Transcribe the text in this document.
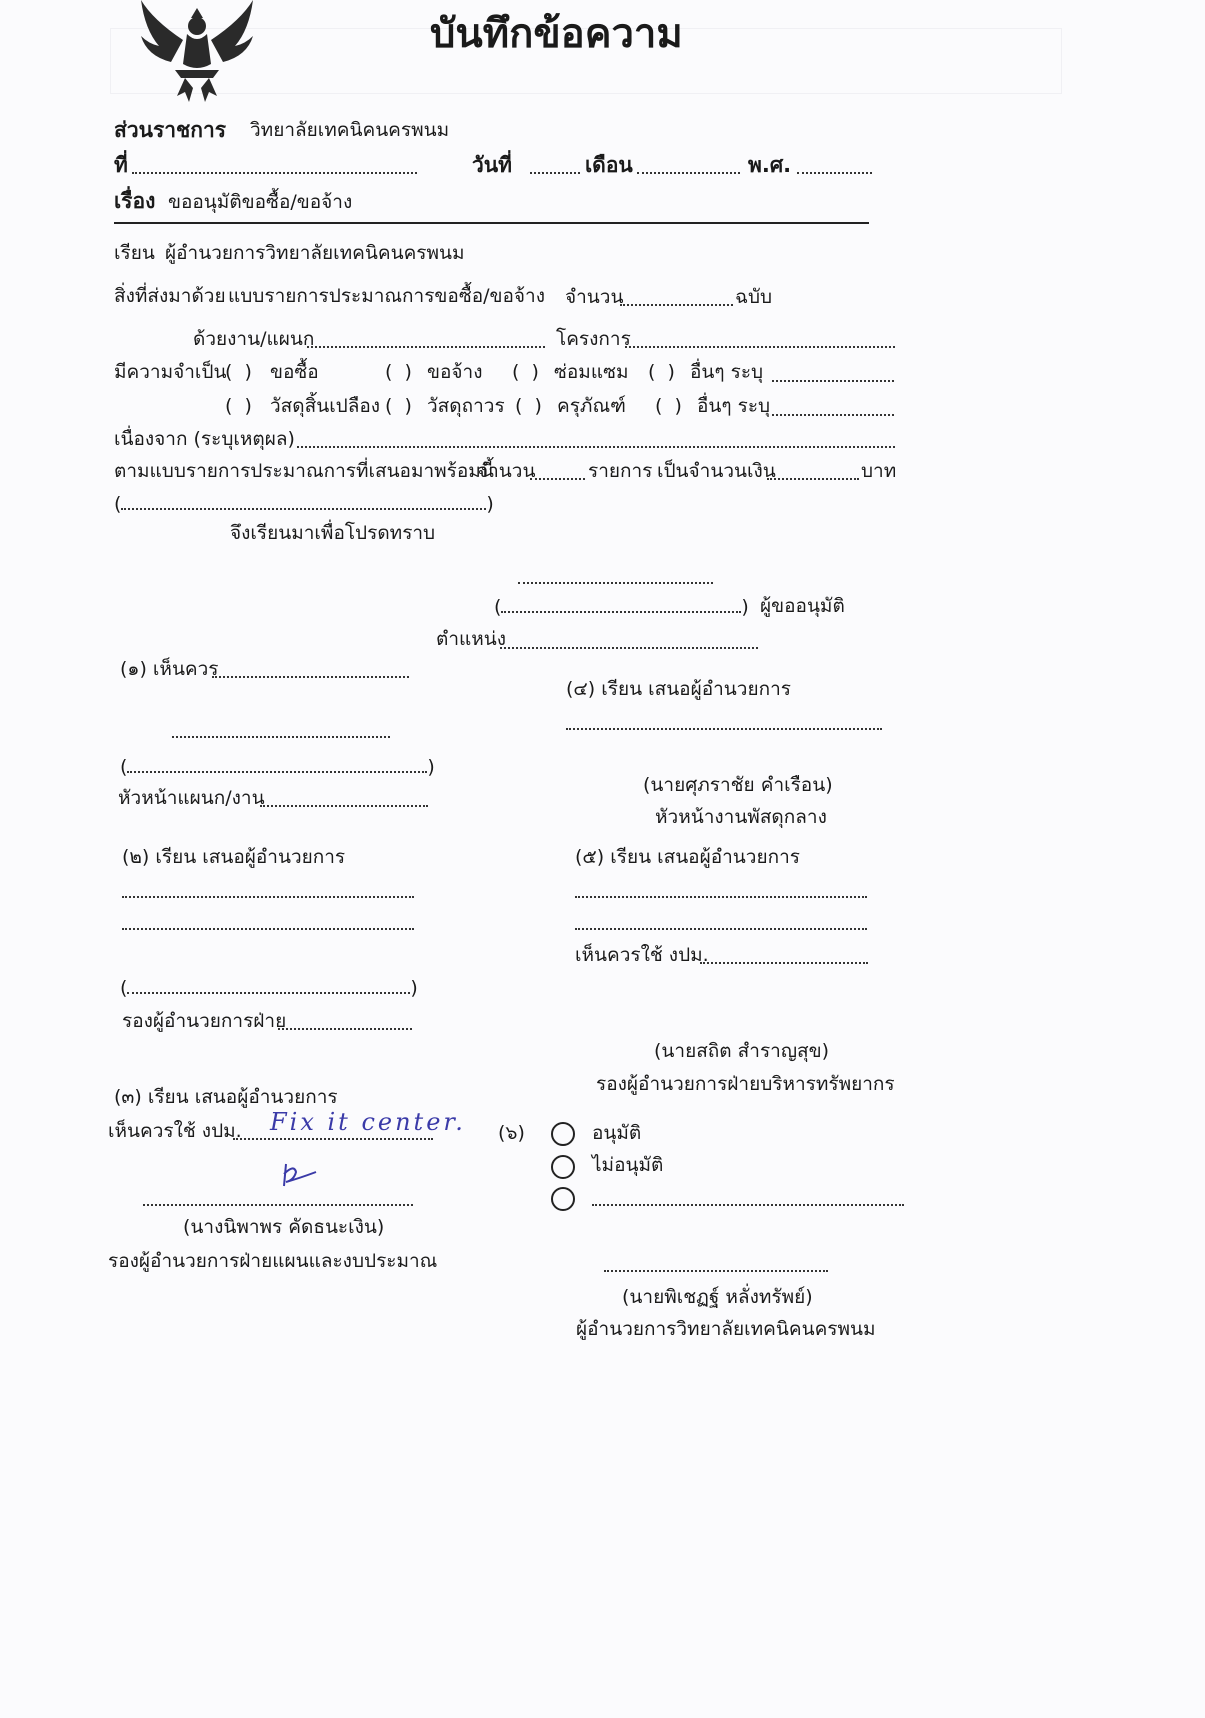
บันทึกข้อความ
ส่วนราชการ วิทยาลัยเทคนิคนครพนม
ที่	วันที่	เดือน	พ.ศ.
เรื่อง ขออนุมัติขอซื้อ/ขอจ้าง
เรียน ผู้อำนวยการวิทยาลัยเทคนิคนครพนม
สิ่งที่ส่งมาด้วย แบบรายการประมาณการขอซื้อ/ขอจ้าง จำนวน	ฉบับ
ด้วยงาน/แผนก	โครงการ
มีความจำเป็น
(  ) ขอซื้อ	(  ) ขอจ้าง (  ) ซ่อมแซม (  ) อื่นๆ ระบุ
(  ) วัสดุสิ้นเปลือง (  ) วัสดุถาวร (  ) ครุภัณฑ์ (  ) อื่นๆ ระบุ
เนื่องจาก (ระบุเหตุผล)
ตามแบบรายการประมาณการที่เสนอมาพร้อมนี้
จำนวน	รายการ เป็นจำนวนเงิน	บาท
(	)
จึงเรียนมาเพื่อโปรดทราบ
(	) ผู้ขออนุมัติ
ตำแหน่ง
(๑) เห็นควร
(	)
หัวหน้าแผนก/งาน
(๔) เรียน เสนอผู้อำนวยการ
(นายศุภราชัย คำเรือน)
หัวหน้างานพัสดุกลาง
(๒) เรียน เสนอผู้อำนวยการ
(	)
รองผู้อำนวยการฝ่าย
(๕) เรียน เสนอผู้อำนวยการ
เห็นควรใช้ งปม.
(นายสถิต สำราญสุข)
รองผู้อำนวยการฝ่ายบริหารทรัพยากร
(๓) เรียน เสนอผู้อำนวยการ
เห็นควรใช้ งปม. Fix it center.
(นางนิพาพร คัดธนะเงิน)
รองผู้อำนวยการฝ่ายแผนและงบประมาณ
(๖)	อนุมัติ
ไม่อนุมัติ
(นายพิเชฏฐ์ หลั่งทรัพย์)
ผู้อำนวยการวิทยาลัยเทคนิคนครพนม
